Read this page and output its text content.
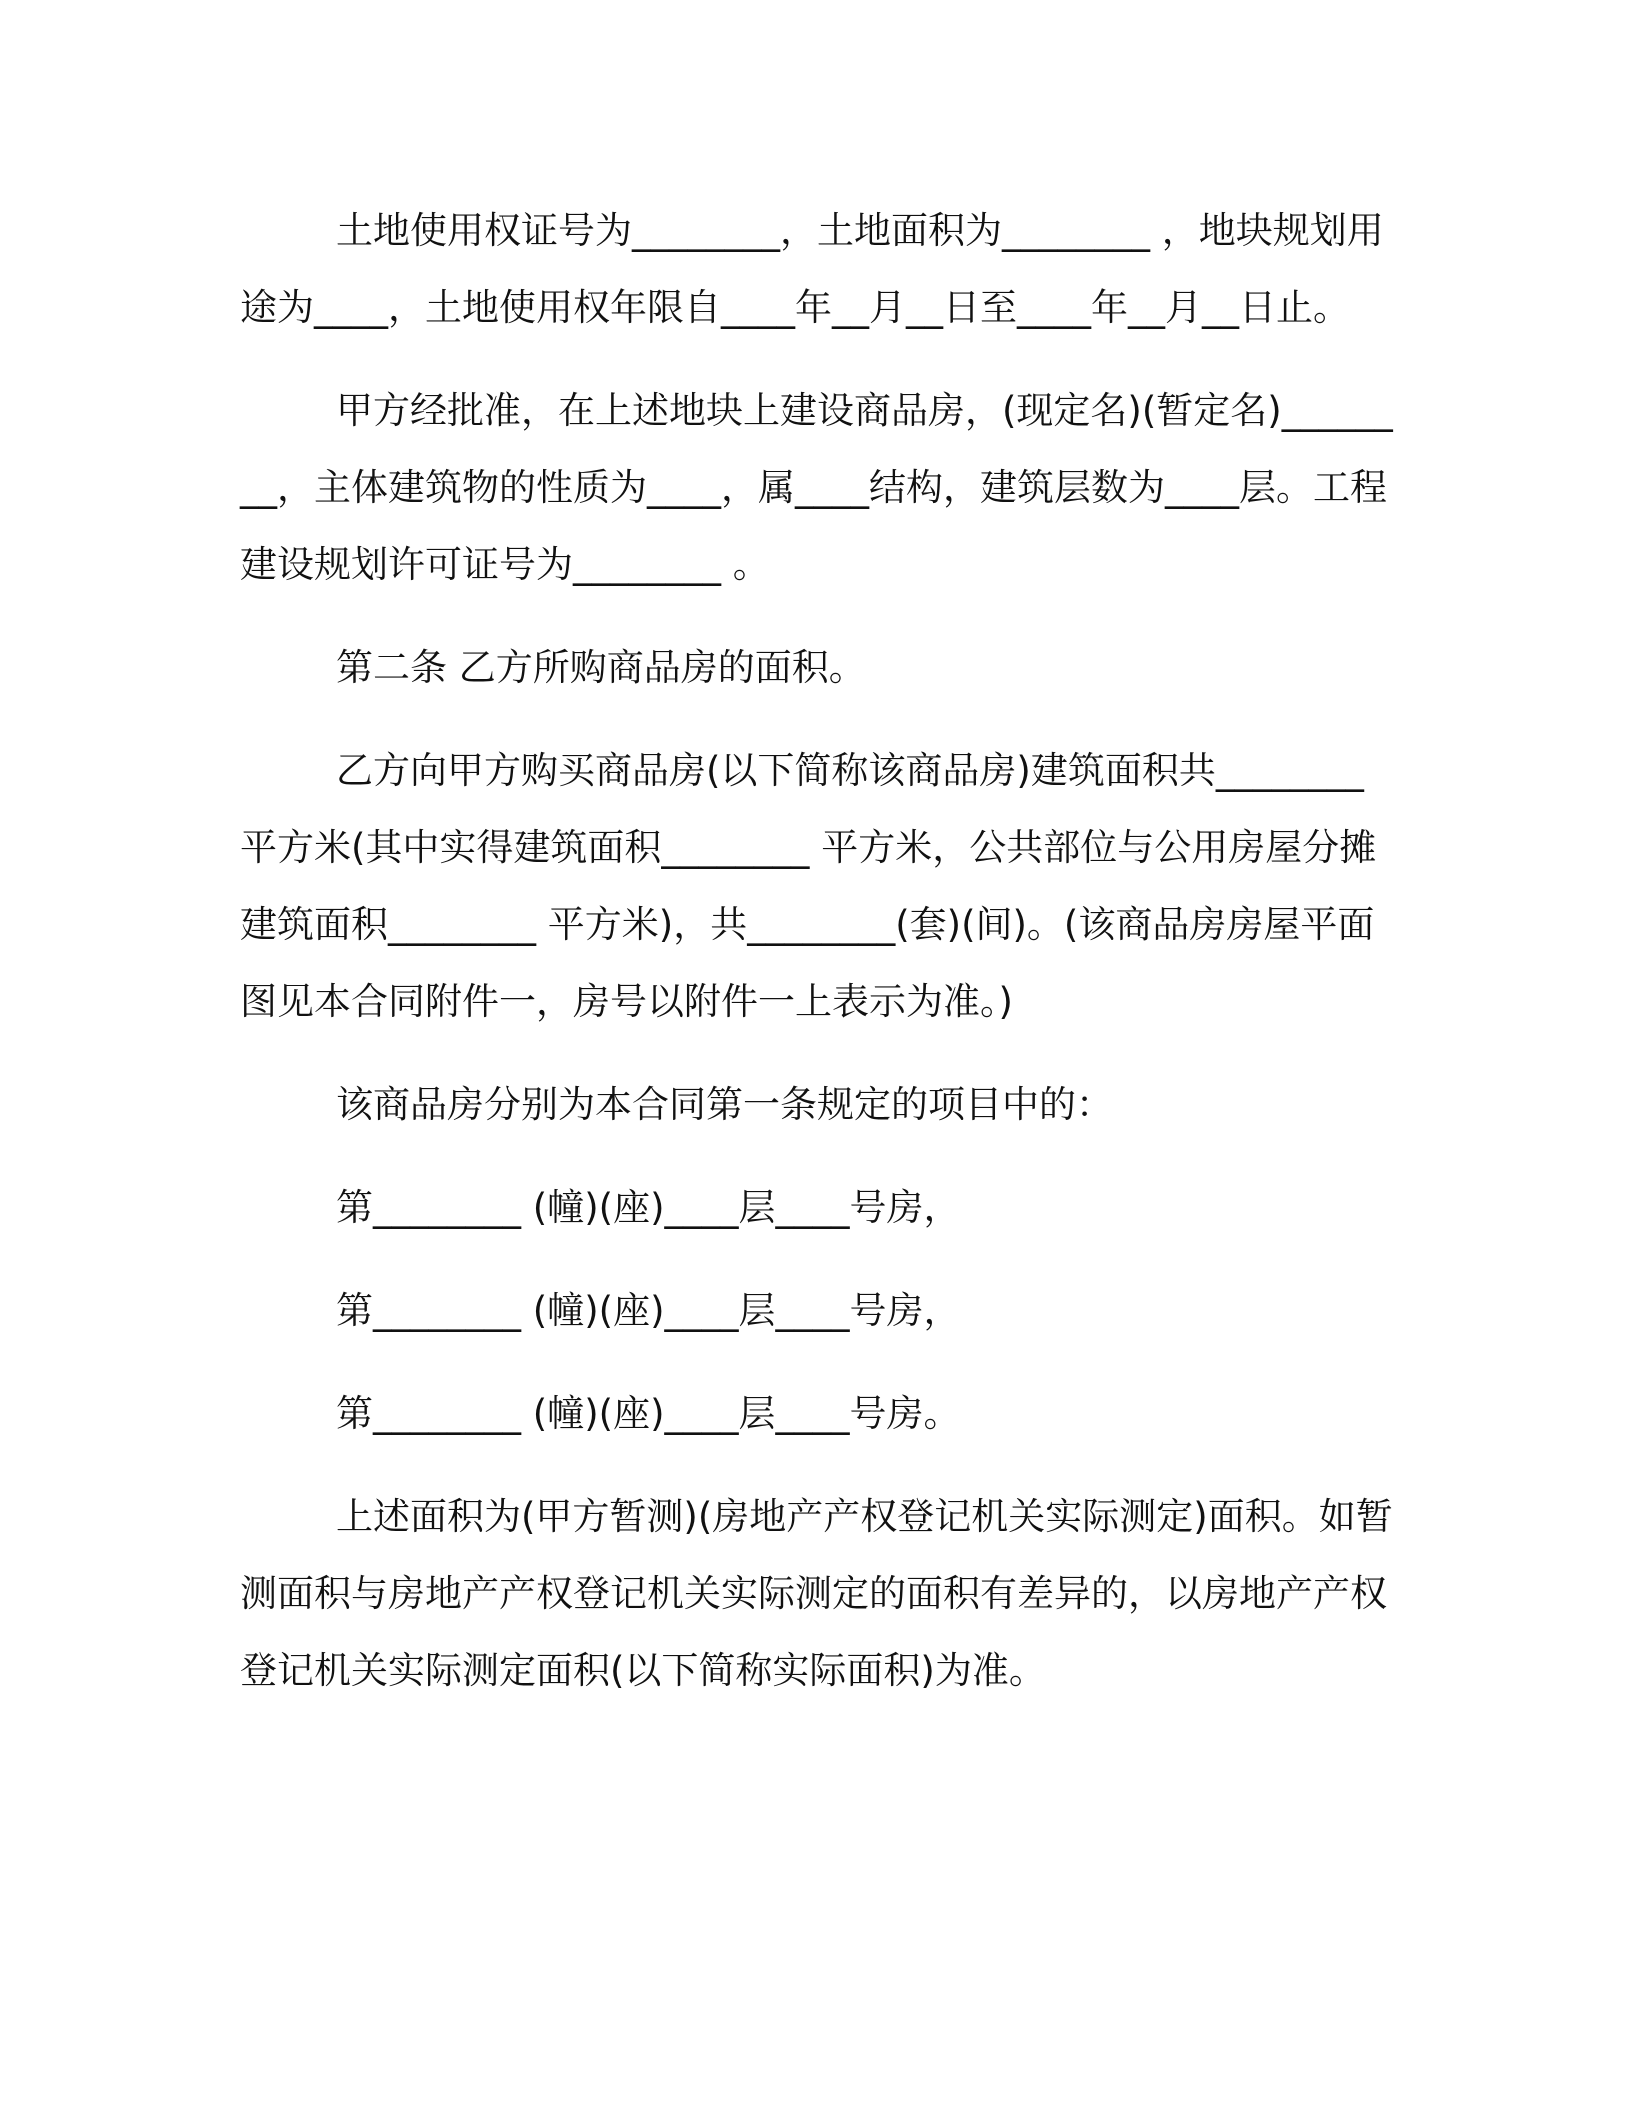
土地使用权证号为________，土地面积为________ ，地块规划用途为____，土地使用权年限自____年__月__日至____年__月__日止。

甲方经批准，在上述地块上建设商品房，(现定名)(暂定名)________，主体建筑物的性质为____，属____结构，建筑层数为____层。工程建设规划许可证号为________ 。

第二条 乙方所购商品房的面积。

乙方向甲方购买商品房(以下简称该商品房)建筑面积共________平方米(其中实得建筑面积________ 平方米，公共部位与公用房屋分摊建筑面积________ 平方米)，共________(套)(间)。(该商品房房屋平面图见本合同附件一，房号以附件一上表示为准。)

该商品房分别为本合同第一条规定的项目中的：

第________ (幢)(座)____层____号房，

第________ (幢)(座)____层____号房，

第________ (幢)(座)____层____号房。

上述面积为(甲方暂测)(房地产产权登记机关实际测定)面积。如暂测面积与房地产产权登记机关实际测定的面积有差异的，以房地产产权登记机关实际测定面积(以下简称实际面积)为准。
